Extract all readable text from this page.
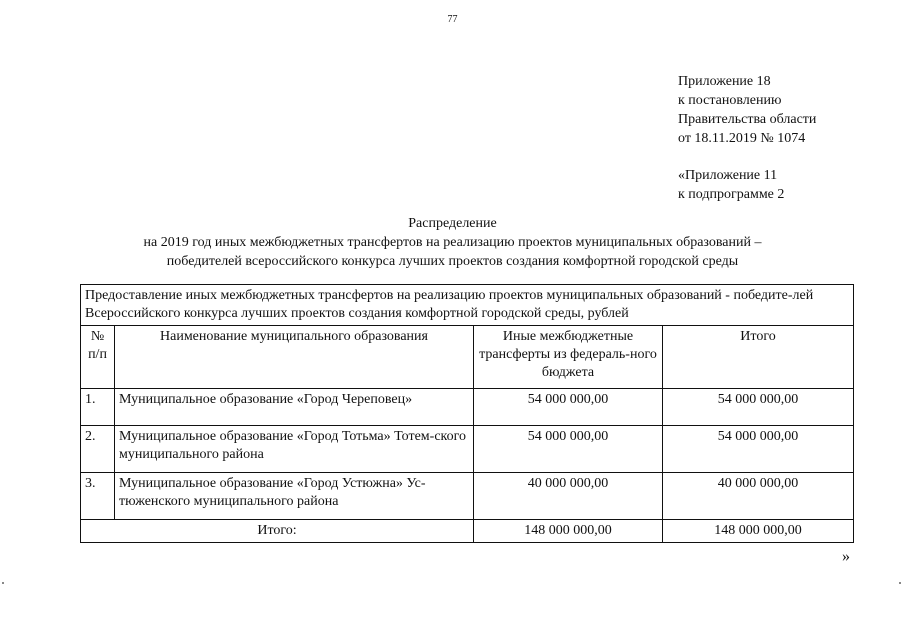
77
Приложение 18
к постановлению
Правительства области
от 18.11.2019 № 1074
«Приложение 11
к подпрограмме 2
Распределение
на 2019 год иных межбюджетных трансфертов на реализацию проектов муниципальных образований –
победителей всероссийского конкурса лучших проектов создания комфортной городской среды
Предоставление иных межбюджетных трансфертов на реализацию проектов муниципальных образований - победите-лей Всероссийского конкурса лучших проектов создания комфортной городской среды, рублей			
№ п/п	Наименование муниципального образования	Иные межбюджетные трансферты из федераль-ного бюджета	Итого
1.	Муниципальное образование «Город Череповец»	54 000 000,00	54 000 000,00
2.	Муниципальное образование «Город Тотьма» Тотем-ского муниципального района	54 000 000,00	54 000 000,00
3.	Муниципальное образование «Город Устюжна» Ус-тюженского муниципального района	40 000 000,00	40 000 000,00
Итого:		148 000 000,00	148 000 000,00
»
